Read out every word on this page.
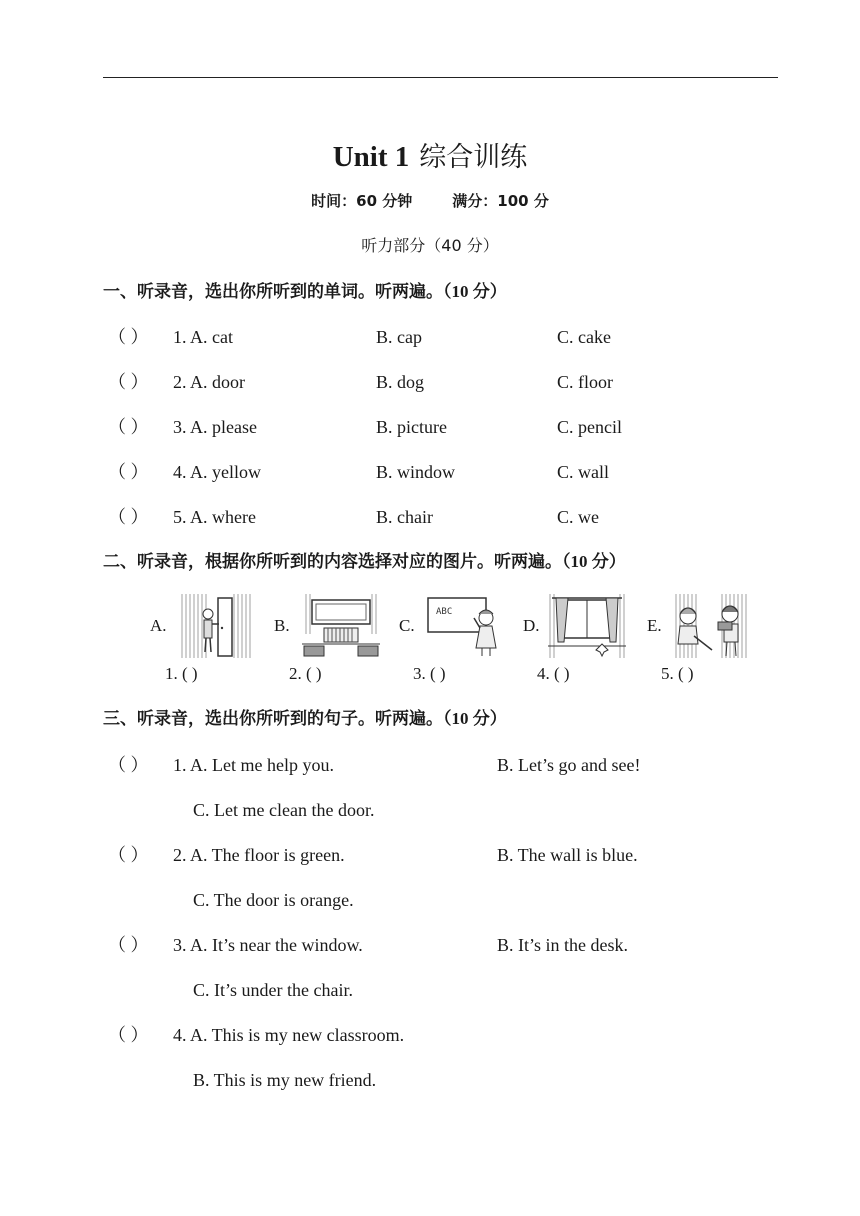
Unit 1 综合训练
时间：60 分钟	满分：100 分
听力部分（40 分）
一、听录音，选出你所听到的单词。听两遍。（10 分）
（ ） 1. A. cat	B. cap	C. cake
（ ） 2. A. door	B. dog	C. floor
（ ） 3. A. please	B. picture	C. pencil
（ ） 4. A. yellow	B. window	C. wall
（ ） 5. A. where	B. chair	C. we
二、听录音，根据你所听到的内容选择对应的图片。听两遍。（10 分）
A.	B.	C.
ABC
D.	E.
1. ( )	2. ( )	3. ( )	4. ( )	5. ( )
三、听录音，选出你所听到的句子。听两遍。（10 分）
（ ） 1. A. Let me help you.	B. Let’s go and see!
C. Let me clean the door.
（ ） 2. A. The floor is green.	B. The wall is blue.
C. The door is orange.
（ ） 3. A. It’s near the window.	B. It’s in the desk.
C. It’s under the chair.
（ ） 4. A. This is my new classroom.
B. This is my new friend.
